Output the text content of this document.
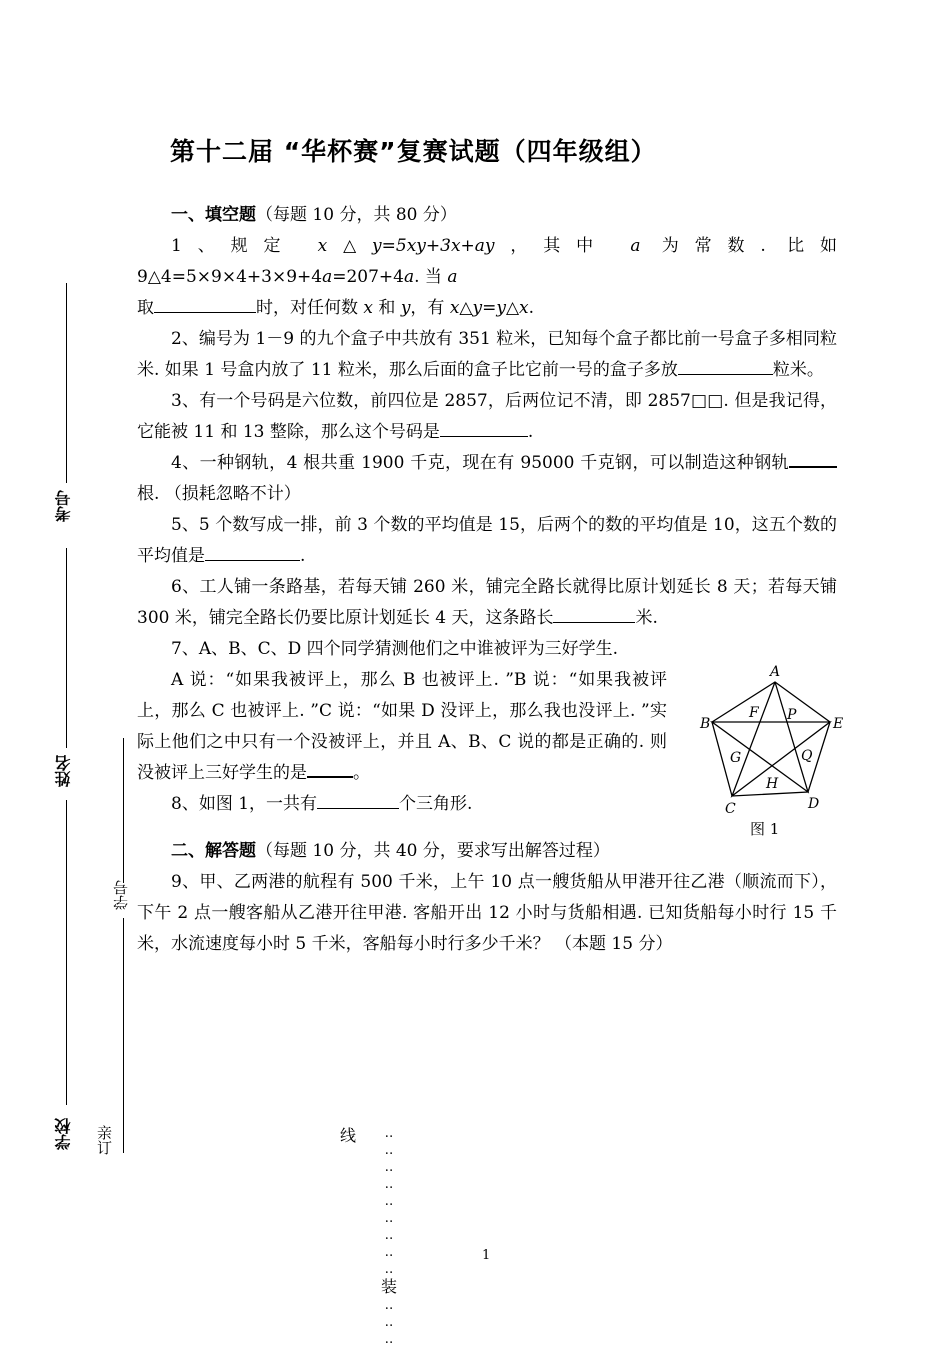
第十二届 “华杯赛”复赛试题（四年级组）

一、填空题（每题 10 分，共 80 分）

1、规定 x△y=5xy+3x+ay，其中 a 为常数. 比如 9△4=5×9×4+3×9+4a=207+4a. 当 a

取	时，对任何数 x 和 y，有 x△y=y△x.

2、编号为 1－9 的九个盒子中共放有 351 粒米，已知每个盒子都比前一号盒子多相同粒米. 如果 1 号盒内放了 11 粒米，那么后面的盒子比它前一号的盒子多放	粒米。

3、有一个号码是六位数，前四位是 2857，后两位记不清，即 2857□□. 但是我记得，它能被 11 和 13 整除，那么这个号码是	.

4、一种钢轨，4 根共重 1900 千克，现在有 95000 千克钢，可以制造这种钢轨根. （损耗忽略不计）

5、5 个数写成一排，前 3 个数的平均值是 15，后两个的数的平均值是 10，这五个数的平均值是	.

6、工人铺一条路基，若每天铺 260 米，铺完全路长就得比原计划延长 8 天；若每天铺 300 米，铺完全路长仍要比原计划延长 4 天，这条路长	米.

7、A、B、C、D 四个同学猜测他们之中谁被评为三好学生.

A 说：“如果我被评上，那么 B 也被评上. ”B 说：“如果我被评上，那么 C 也被评上. ”C 说：“如果 D 没评上，那么我也没评上. ”实际上他们之中只有一个没被评上，并且 A、B、C 说的都是正确的. 则没被评上三好学生的是	。

8、如图 1，一共有	个三角形.

二、解答题（每题 10 分，共 40 分，要求写出解答过程）

9、甲、乙两港的航程有 500 千米，上午 10 点一艘货船从甲港开往乙港（顺流而下），下午 2 点一艘客船从乙港开往甲港. 客船开出 12 小时与货船相遇. 已知货船每小时行 15 千米，水流速度每小时 5 千米，客船每小时行多少千米？ （本题 15 分）

A
B
C	D
E
F P
G	Q
H
图 1
考号
姓名
学校
学号
亲订	线	‥
‥
‥
‥
‥
‥
‥
‥
‥
装
‥
‥
‥

1
